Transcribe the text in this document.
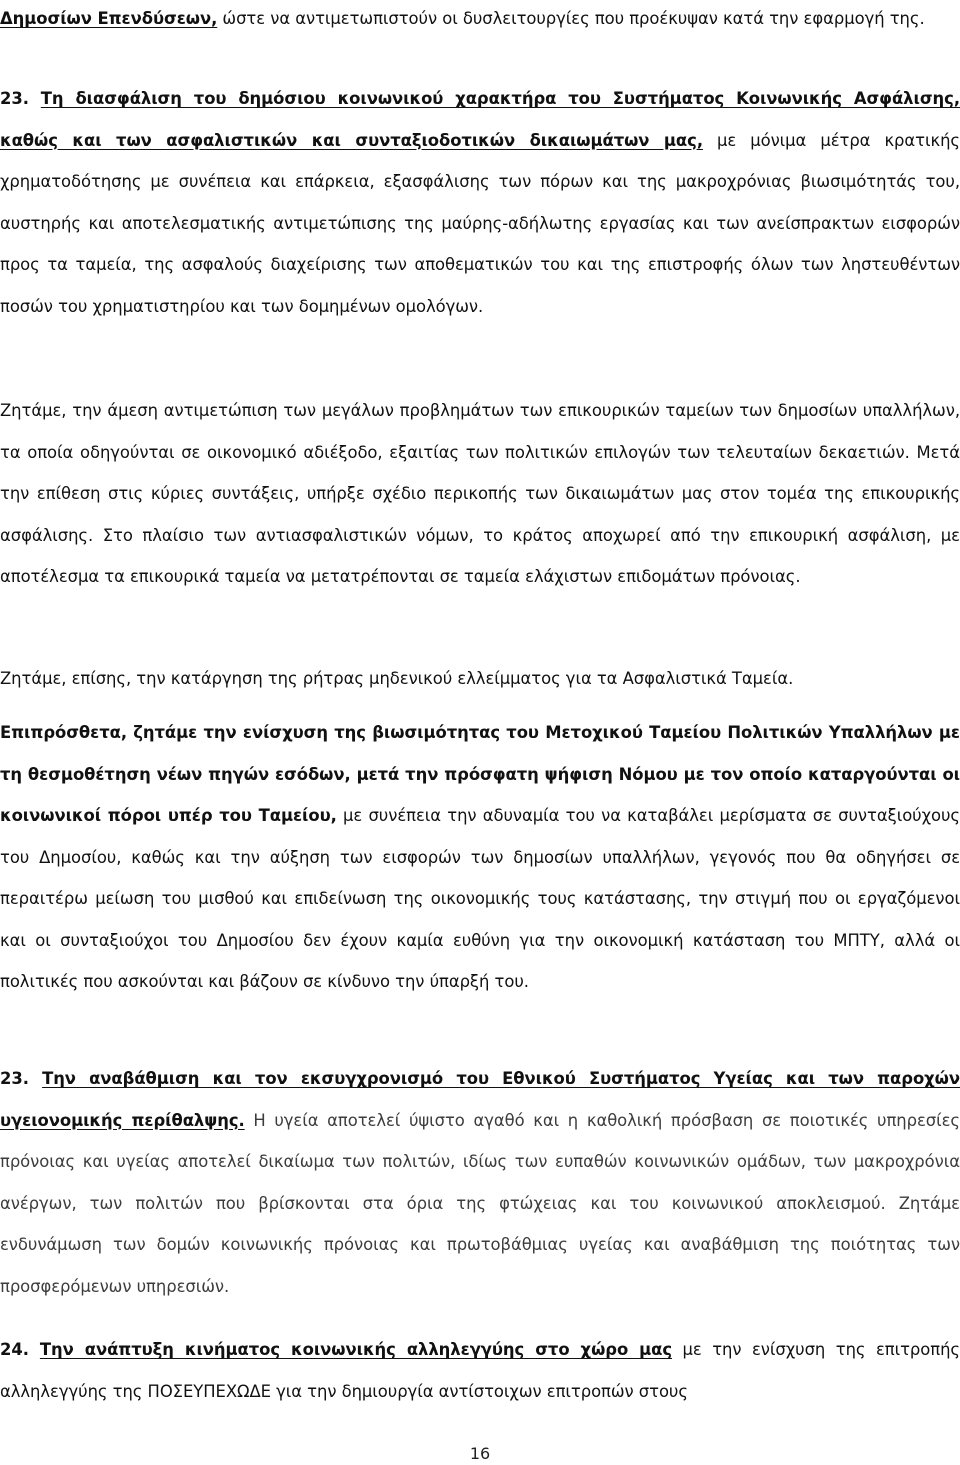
Δημοσίων Επενδύσεων, ώστε να αντιμετωπιστούν οι δυσλειτουργίες που προέκυψαν κατά την εφαρμογή της.

23. Τη διασφάλιση του δημόσιου κοινωνικού χαρακτήρα του Συστήματος Κοινωνικής Ασφάλισης, καθώς και των ασφαλιστικών και συνταξιοδοτικών δικαιωμάτων μας, με μόνιμα μέτρα κρατικής χρηματοδότησης με συνέπεια και επάρκεια, εξασφάλισης των πόρων και της μακροχρόνιας βιωσιμότητάς του, αυστηρής και αποτελεσματικής αντιμετώπισης της μαύρης-αδήλωτης εργασίας και των ανείσπρακτων εισφορών προς τα ταμεία, της ασφαλούς διαχείρισης των αποθεματικών του και της επιστροφής όλων των ληστευθέντων ποσών του χρηματιστηρίου και των δομημένων ομολόγων.

Ζητάμε, την άμεση αντιμετώπιση των μεγάλων προβλημάτων των επικουρικών ταμείων των δημοσίων υπαλλήλων, τα οποία οδηγούνται σε οικονομικό αδιέξοδο, εξαιτίας των πολιτικών επιλογών των τελευταίων δεκαετιών. Μετά την επίθεση στις κύριες συντάξεις, υπήρξε σχέδιο περικοπής των δικαιωμάτων μας στον τομέα της επικουρικής ασφάλισης. Στο πλαίσιο των αντιασφαλιστικών νόμων, το κράτος αποχωρεί από την επικουρική ασφάλιση, με αποτέλεσμα τα επικουρικά ταμεία να μετατρέπονται σε ταμεία ελάχιστων επιδομάτων πρόνοιας.

Ζητάμε, επίσης, την κατάργηση της ρήτρας μηδενικού ελλείμματος για τα Ασφαλιστικά Ταμεία.

Επιπρόσθετα, ζητάμε την ενίσχυση της βιωσιμότητας του Μετοχικού Ταμείου Πολιτικών Υπαλλήλων με τη θεσμοθέτηση νέων πηγών εσόδων, μετά την πρόσφατη ψήφιση Νόμου με τον οποίο καταργούνται οι κοινωνικοί πόροι υπέρ του Ταμείου, με συνέπεια την αδυναμία του να καταβάλει μερίσματα σε συνταξιούχους του Δημοσίου, καθώς και την αύξηση των εισφορών των δημοσίων υπαλλήλων, γεγονός που θα οδηγήσει σε περαιτέρω μείωση του μισθού και επιδείνωση της οικονομικής τους κατάστασης, την στιγμή που οι εργαζόμενοι και οι συνταξιούχοι του Δημοσίου δεν έχουν καμία ευθύνη για την οικονομική κατάσταση του ΜΠΤΥ, αλλά οι πολιτικές που ασκούνται και βάζουν σε κίνδυνο την ύπαρξή του.

23. Την αναβάθμιση και τον εκσυγχρονισμό του Εθνικού Συστήματος Υγείας και των παροχών υγειονομικής περίθαλψης. Η υγεία αποτελεί ύψιστο αγαθό και η καθολική πρόσβαση σε ποιοτικές υπηρεσίες πρόνοιας και υγείας αποτελεί δικαίωμα των πολιτών, ιδίως των ευπαθών κοινωνικών ομάδων, των μακροχρόνια ανέργων, των πολιτών που βρίσκονται στα όρια της φτώχειας και του κοινωνικού αποκλεισμού. Ζητάμε ενδυνάμωση των δομών κοινωνικής πρόνοιας και πρωτοβάθμιας υγείας και αναβάθμιση της ποιότητας των προσφερόμενων υπηρεσιών.

24. Την ανάπτυξη κινήματος κοινωνικής αλληλεγγύης στο χώρο μας με την ενίσχυση της επιτροπής αλληλεγγύης της ΠΟΣΕΥΠΕΧΩΔΕ για την δημιουργία αντίστοιχων επιτροπών στους

16
